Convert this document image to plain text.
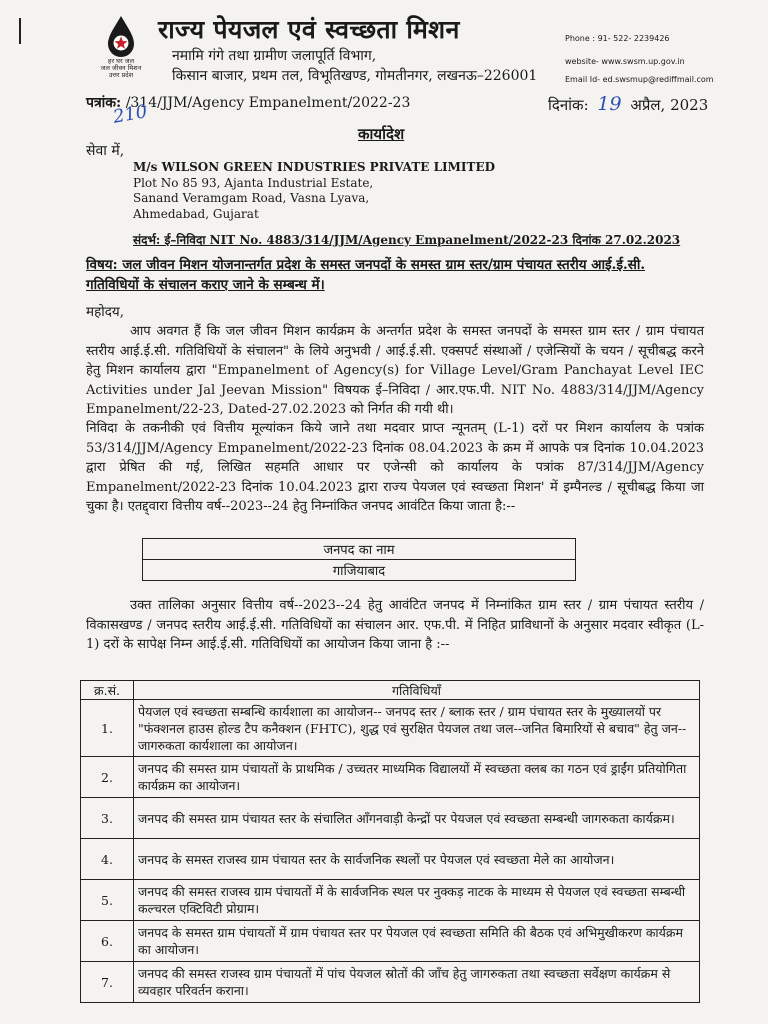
हर घर जल
जल जीवन मिशन
उत्तर प्रदेश
राज्य पेयजल एवं स्वच्छता मिशन
नमामि गंगे तथा ग्रामीण जलापूर्ति विभाग,
किसान बाजार, प्रथम तल, विभूतिखण्ड, गोमतीनगर, लखनऊ–226001
Phone : 91- 522- 2239426
website- www.swsm.up.gov.in
Email Id- ed.swsmup@rediffmail.com
पत्रांक: /314/JJM/Agency Empanelment/2022-23
210	दिनांक: 19 अप्रैल, 2023
कार्यादेश
सेवा में,
M/s WILSON GREEN INDUSTRIES PRIVATE LIMITED
Plot No 85 93, Ajanta Industrial Estate,
Sanand Veramgam Road, Vasna Lyava,
Ahmedabad, Gujarat
संदर्भ: ई–निविदा NIT No. 4883/314/JJM/Agency Empanelment/2022-23 दिनांक 27.02.2023
विषय: जल जीवन मिशन योजनान्तर्गत प्रदेश के समस्त जनपदों के समस्त ग्राम स्तर/ग्राम पंचायत स्तरीय आई.ई.सी. गतिविधियों के संचालन कराए जाने के सम्बन्ध में।
महोदय,
आप अवगत हैं कि जल जीवन मिशन कार्यक्रम के अन्तर्गत प्रदेश के समस्त जनपदों के समस्त ग्राम स्तर / ग्राम पंचायत स्तरीय आई.ई.सी. गतिविधियों के संचालन" के लिये अनुभवी / आई.ई.सी. एक्सपर्ट संस्थाओं / एजेन्सियों के चयन / सूचीबद्ध करने हेतु मिशन कार्यालय द्वारा "Empanelment of Agency(s) for Village Level/Gram Panchayat Level IEC Activities under Jal Jeevan Mission" विषयक ई–निविदा / आर.एफ.पी. NIT No. 4883/314/JJM/Agency Empanelment/22-23, Dated-27.02.2023 को निर्गत की गयी थी।
निविदा के तकनीकी एवं वित्तीय मूल्यांकन किये जाने तथा मदवार प्राप्त न्यूनतम् (L-1) दरों पर मिशन कार्यालय के पत्रांक 53/314/JJM/Agency Empanelment/2022-23 दिनांक 08.04.2023 के क्रम में आपके पत्र दिनांक 10.04.2023 द्वारा प्रेषित की गई, लिखित सहमति आधार पर एजेन्सी को कार्यालय के पत्रांक 87/314/JJM/Agency Empanelment/2022-23 दिनांक 10.04.2023 द्वारा राज्य पेयजल एवं स्वच्छता मिशन' में इम्पैनल्ड / सूचीबद्ध किया जा चुका है। एतद्द्वारा वित्तीय वर्ष--2023--24 हेतु निम्नांकित जनपद आवंटित किया जाता है:--
जनपद का नाम
गाजियाबाद
उक्त तालिका अनुसार वित्तीय वर्ष--2023--24 हेतु आवंटित जनपद में निम्नांकित ग्राम स्तर / ग्राम पंचायत स्तरीय / विकासखण्ड / जनपद स्तरीय आई.ई.सी. गतिविधियों का संचालन आर. एफ.पी. में निहित प्राविधानों के अनुसार मदवार स्वीकृत (L-1) दरों के सापेक्ष निम्न आई.ई.सी. गतिविधियों का आयोजन किया जाना है :--
क्र.सं.	गतिविधियाँ
1.	पेयजल एवं स्वच्छता सम्बन्धि कार्यशाला का आयोजन-- जनपद स्तर / ब्लाक स्तर / ग्राम पंचायत स्तर के मुख्यालयों पर "फंक्शनल हाउस होल्ड टैप कनैक्शन (FHTC), शुद्ध एवं सुरक्षित पेयजल तथा जल--जनित बिमारियों से बचाव" हेतु जन--जागरुकता कार्यशाला का आयोजन।
2.	जनपद की समस्त ग्राम पंचायतों के प्राथमिक / उच्चतर माध्यमिक विद्यालयों में स्वच्छता क्लब का गठन एवं ड्राईंग प्रतियोगिता कार्यक्रम का आयोजन।
3.	जनपद की समस्त ग्राम पंचायत स्तर के संचालित आँगनवाड़ी केन्द्रों पर पेयजल एवं स्वच्छता सम्बन्धी जागरुकता कार्यक्रम।
4.	जनपद के समस्त राजस्व ग्राम पंचायत स्तर के सार्वजनिक स्थलों पर पेयजल एवं स्वच्छता मेले का आयोजन।
5.	जनपद की समस्त राजस्व ग्राम पंचायतों में के सार्वजनिक स्थल पर नुक्कड़ नाटक के माध्यम से पेयजल एवं स्वच्छता सम्बन्धी कल्चरल एक्टिविटी प्रोग्राम।
6.	जनपद के समस्त ग्राम पंचायतों में ग्राम पंचायत स्तर पर पेयजल एवं स्वच्छता समिति की बैठक एवं अभिमुखीकरण कार्यक्रम का आयोजन।
7.	जनपद की समस्त राजस्व ग्राम पंचायतों में पांच पेयजल स्रोतों की जाँच हेतु जागरुकता तथा स्वच्छता सर्वेक्षण कार्यक्रम से व्यवहार परिवर्तन कराना।
